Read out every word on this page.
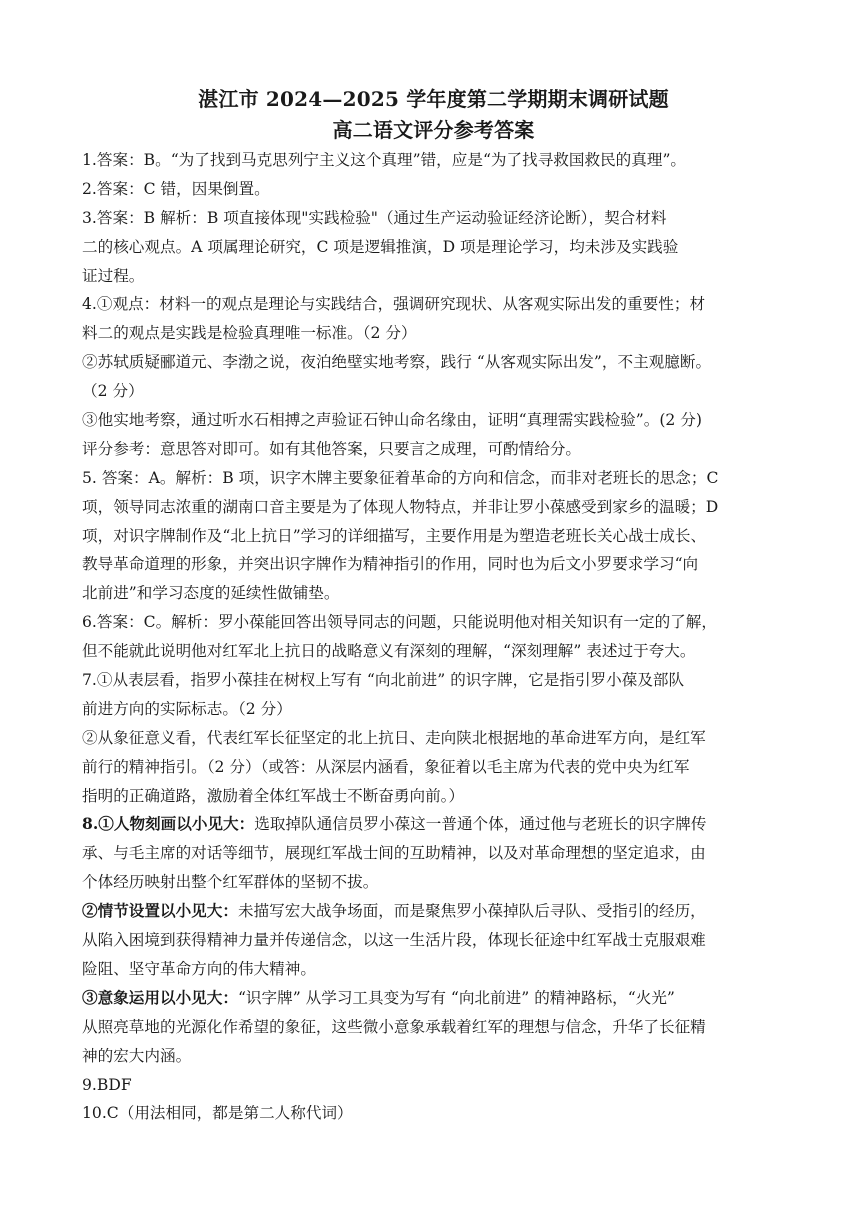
湛江市 2024—2025 学年度第二学期期末调研试题
高二语文评分参考答案
1.答案：B。“为了找到马克思列宁主义这个真理”错，应是“为了找寻救国救民的真理”。
2.答案：C 错，因果倒置。
3.答案：B 解析：B 项直接体现"实践检验"（通过生产运动验证经济论断），契合材料
二的核心观点。A 项属理论研究，C 项是逻辑推演，D 项是理论学习，均未涉及实践验
证过程。
4.①观点：材料一的观点是理论与实践结合，强调研究现状、从客观实际出发的重要性；材
料二的观点是实践是检验真理唯一标准。（2 分）
②苏轼质疑郦道元、李渤之说，夜泊绝壁实地考察，践行 “从客观实际出发”，不主观臆断。
（2 分）
③他实地考察，通过听水石相搏之声验证石钟山命名缘由，证明“真理需实践检验”。(2 分)
评分参考：意思答对即可。如有其他答案，只要言之成理，可酌情给分。
5. 答案：A。解析：B 项，识字木牌主要象征着革命的方向和信念，而非对老班长的思念；C
项，领导同志浓重的湖南口音主要是为了体现人物特点，并非让罗小葆感受到家乡的温暖；D
项，对识字牌制作及“北上抗日”学习的详细描写，主要作用是为塑造老班长关心战士成长、
教导革命道理的形象，并突出识字牌作为精神指引的作用，同时也为后文小罗要求学习“向
北前进”和学习态度的延续性做铺垫。
6.答案：C。解析：罗小葆能回答出领导同志的问题，只能说明他对相关知识有一定的了解，
但不能就此说明他对红军北上抗日的战略意义有深刻的理解，“深刻理解” 表述过于夸大。
7.①从表层看，指罗小葆挂在树杈上写有 “向北前进” 的识字牌，它是指引罗小葆及部队
前进方向的实际标志。（2 分）
②从象征意义看，代表红军长征坚定的北上抗日、走向陕北根据地的革命进军方向，是红军
前行的精神指引。（2 分）（或答：从深层内涵看，象征着以毛主席为代表的党中央为红军
指明的正确道路，激励着全体红军战士不断奋勇向前。）
8.①人物刻画以小见大：选取掉队通信员罗小葆这一普通个体，通过他与老班长的识字牌传
承、与毛主席的对话等细节，展现红军战士间的互助精神，以及对革命理想的坚定追求，由
个体经历映射出整个红军群体的坚韧不拔。
②情节设置以小见大：未描写宏大战争场面，而是聚焦罗小葆掉队后寻队、受指引的经历，
从陷入困境到获得精神力量并传递信念，以这一生活片段，体现长征途中红军战士克服艰难
险阻、坚守革命方向的伟大精神。
③意象运用以小见大：“识字牌” 从学习工具变为写有 “向北前进” 的精神路标，“火光”
从照亮草地的光源化作希望的象征，这些微小意象承载着红军的理想与信念，升华了长征精
神的宏大内涵。
9.BDF
10.C（用法相同，都是第二人称代词）
